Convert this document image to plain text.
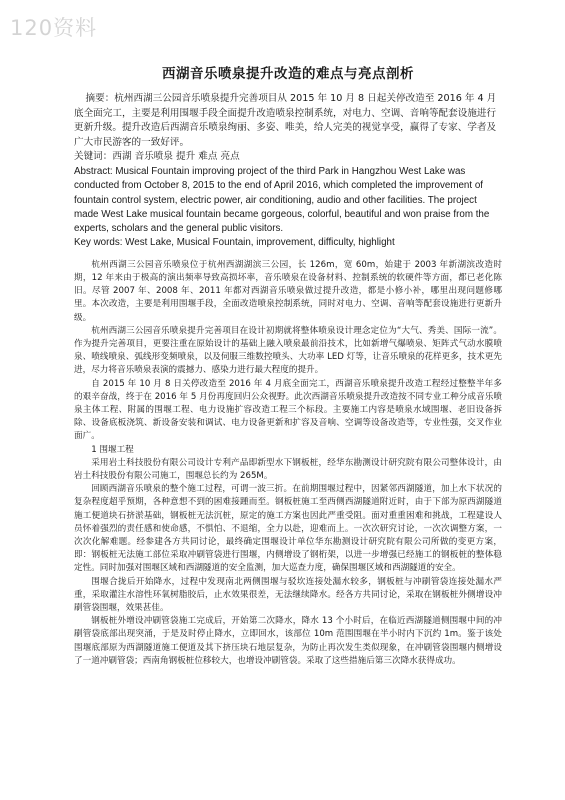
120资料
西湖音乐喷泉提升改造的难点与亮点剖析

摘要：杭州西湖三公园音乐喷泉提升完善项目从 2015 年 10 月 8 日起关停改造至 2016 年 4 月底全面完工，主要是利用围堰手段全面提升改造喷泉控制系统，对电力、空调、音响等配套设施进行更新升级。提升改造后西湖音乐喷泉绚丽、多姿、唯美，给人完美的视觉享受，赢得了专家、学者及广大市民游客的一致好评。

关键词：西湖 音乐喷泉 提升 难点 亮点

Abstract: Musical Fountain improving project of the third Park in Hangzhou West Lake was conducted from October 8, 2015 to the end of April 2016, which completed the improvement of fountain control system, electric power, air conditioning, audio and other facilities. The project made West Lake musical fountain became gorgeous, colorful, beautiful and won praise from the experts, scholars and the general public visitors.

Key words: West Lake, Musical Fountain, improvement, difficulty, highlight

杭州西湖三公园音乐喷泉位于杭州西湖湖滨三公园，长 126m，宽 60m，始建于 2003 年新湖滨改造时期，12 年来由于极高的演出频率导致高损坏率，音乐喷泉在设备材料、控制系统的软硬件等方面，都已老化陈旧。尽管 2007 年、2008 年、2011 年都对西湖音乐喷泉做过提升改造，都是小修小补，哪里出现问题修哪里。本次改造，主要是利用围堰手段，全面改造喷泉控制系统，同时对电力、空调、音响等配套设施进行更新升级。

杭州西湖三公园音乐喷泉提升完善项目在设计初期就将整体喷泉设计理念定位为“大气、秀美、国际一流”。作为提升完善项目，更要注重在原始设计的基础上融入喷泉最前沿技术，比如新增气爆喷泉、矩阵式气动水膜喷泉、喷线喷泉、弧线形变频喷泉，以及伺服三维数控喷头、大功率 LED 灯等，让音乐喷泉的花样更多，技术更先进，尽力将音乐喷泉表演的震撼力、感染力进行最大程度的提升。

自 2015 年 10 月 8 日关停改造至 2016 年 4 月底全面完工，西湖音乐喷泉提升改造工程经过整整半年多的艰辛奋战，终于在 2016 年 5 月份再度回归公众视野。此次西湖音乐喷泉提升改造按不同专业工种分成音乐喷泉主体工程、附属的围堰工程、电力设施扩容改造工程三个标段。主要施工内容是喷泉水域围堰、老旧设备拆除、设备底板浇筑、新设备安装和调试、电力设备更新和扩容及音响、空调等设备改造等，专业性强，交叉作业面广。

1 围堰工程

采用岩土科技股份有限公司设计专利产品即新型水下钢板桩，经华东勘测设计研究院有限公司整体设计，由岩土科技股份有限公司施工，围堰总长约为 265M。

回顾西湖音乐喷泉的整个施工过程，可谓一波三折。在前期围堰过程中，因紧邻西湖隧道，加上水下状况的复杂程度超乎预期，各种意想不到的困难接踵而至。钢板桩施工至西侧西湖隧道附近时，由于下部为原西湖隧道施工便道块石挤淤基础，钢板桩无法沉桩，原定的施工方案也因此严重受阻。面对重重困难和挑战，工程建设人员怀着强烈的责任感和使命感，不惧怕、不退缩，全力以赴，迎难而上。一次次研究讨论，一次次调整方案，一次次化解难题。经参建各方共同讨论，最终确定围堰设计单位华东勘测设计研究院有限公司所做的变更方案，即：钢板桩无法施工部位采取冲刷管袋进行围堰，内侧增设了钢桁架，以进一步增强已经施工的钢板桩的整体稳定性。同时加强对围堰区域和西湖隧道的安全监测，加大巡查力度，确保围堰区域和西湖隧道的安全。

围堰合拢后开始降水，过程中发现南北两侧围堰与驳坎连接处漏水较多，钢板桩与冲刷管袋连接处漏水严重，采取灌注水溶性环氧树脂胶后，止水效果很差，无法继续降水。经各方共同讨论，采取在钢板桩外侧增设冲刷管袋围堰，效果甚佳。

钢板桩外增设冲刷管袋施工完成后，开始第二次降水，降水 13 个小时后，在临近西湖隧道侧围堰中间的冲刷管袋底部出现突涌，于是及时停止降水，立即回水，该部位 10m 范围围堰在半小时内下沉约 1m。鉴于该处围堰底部原为西湖隧道施工便道及其下挤压块石地层复杂，为防止再次发生类似现象，在冲刷管袋围堰内侧增设了一道冲刷管袋；西南角钢板桩位移较大，也增设冲刷管袋。采取了这些措施后第三次降水获得成功。
